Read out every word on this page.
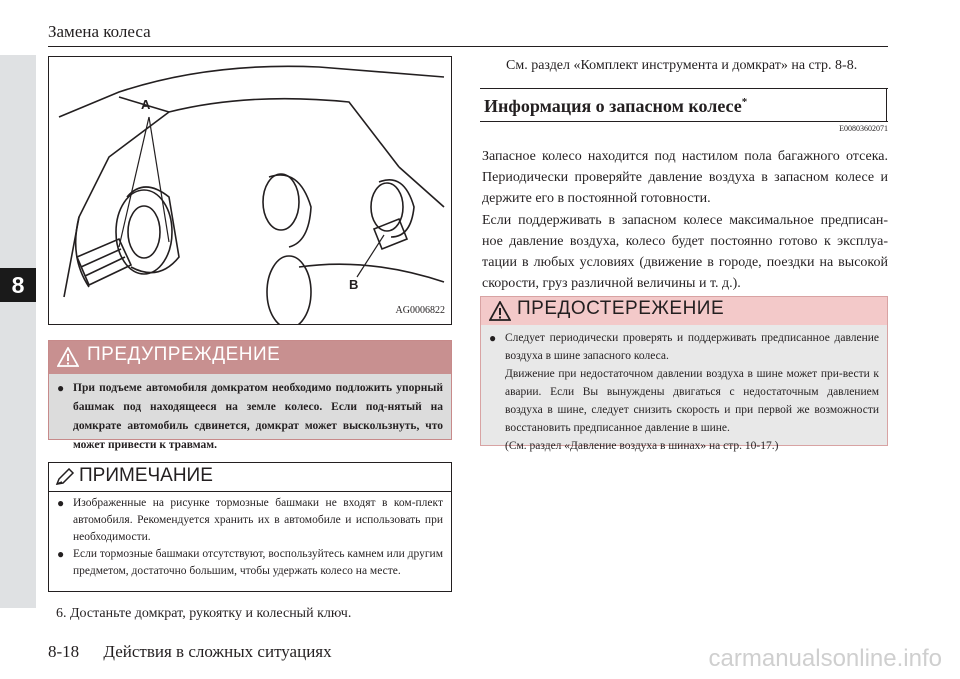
8
Замена колеса
A
B
AG0006822
ПРЕДУПРЕЖДЕНИЕ
● При подъеме автомобиля домкратом необходимо подложить упорный башмак под находящееся на земле колесо. Если под-нятый на домкрате автомобиль сдвинется, домкрат может выскользнуть, что может привести к травмам.
ПРИМЕЧАНИЕ
● Изображенные на рисунке тормозные башмаки не входят в ком-плект автомобиля. Рекомендуется хранить их в автомобиле и использовать при необходимости.
● Если тормозные башмаки отсутствуют, воспользуйтесь камнем или другим предметом, достаточно большим, чтобы удержать колесо на месте.
6. Достаньте домкрат, рукоятку и колесный ключ.
8-18 Действия в сложных ситуациях
См. раздел «Комплект инструмента и домкрат» на стр. 8-8.
Информация о запасном колесе*
E00803602071
Запасное колесо находится под настилом пола багажного отсека. Периодически проверяйте давление воздуха в запасном колесе и держите его в постоянной готовности.
Если поддерживать в запасном колесе максимальное предписан-ное давление воздуха, колесо будет постоянно готово к эксплуа-тации в любых условиях (движение в городе, поездки на высокой скорости, груз различной величины и т. д.).
ПРЕДОСТЕРЕЖЕНИЕ
● Следует периодически проверять и поддерживать предписанное давление воздуха в шине запасного колеса.
Движение при недостаточном давлении воздуха в шине может при-вести к аварии. Если Вы вынуждены двигаться с недостаточным давлением воздуха в шине, следует снизить скорость и при первой же возможности восстановить предписанное давление в шине.
(См. раздел «Давление воздуха в шинах» на стр. 10-17.)
carmanualsonline.info
